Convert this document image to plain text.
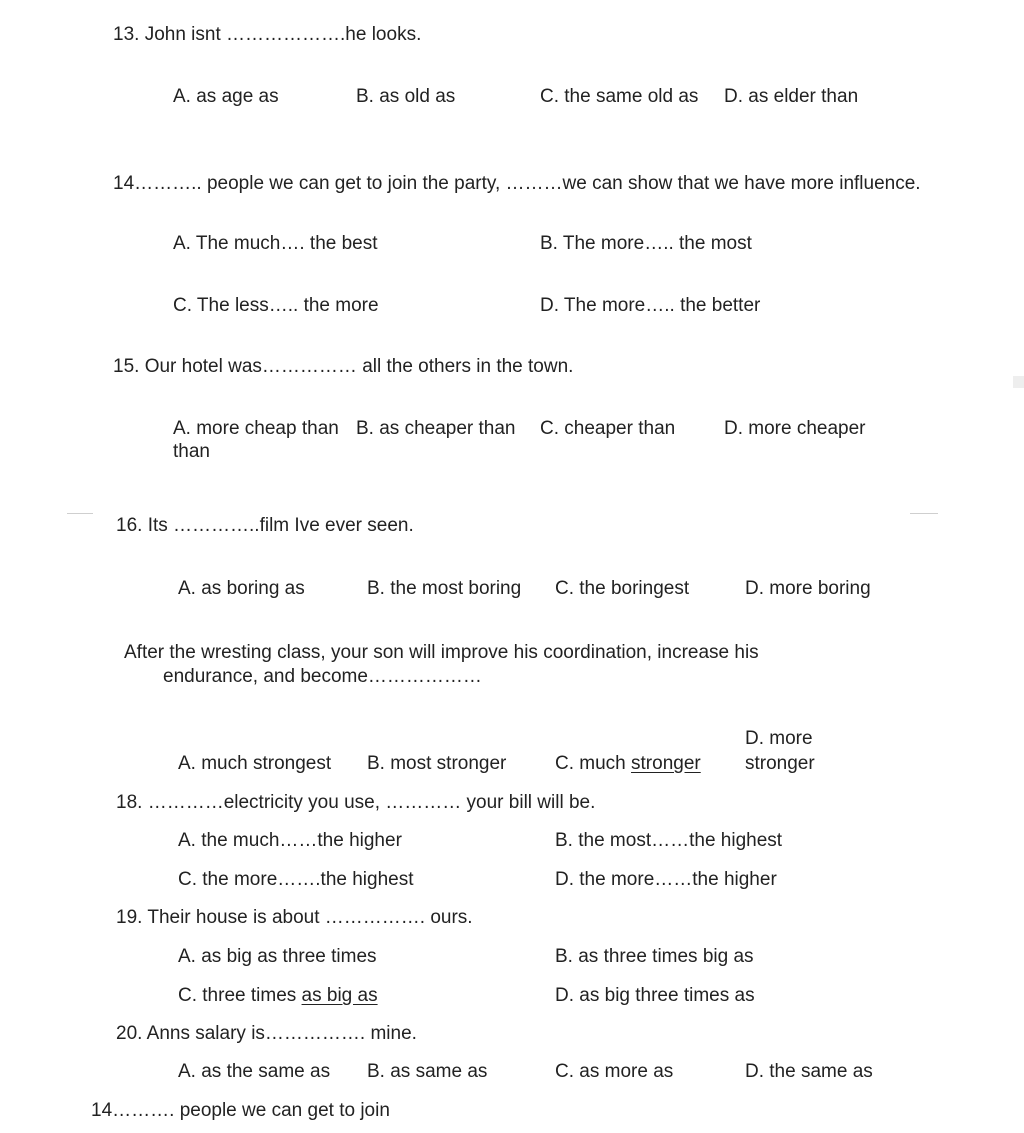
13. John isnt ……………….he looks.
A. as age as	B. as old as	C. the same old as D. as elder than
14……….. people we can get to join the party, ………we can show that we have more influence.
A. The much…. the best	B. The more….. the most
C. The less….. the more	D. The more….. the better
15. Our hotel was…………… all the others in the town.
A. more cheap than B. as cheaper than C. cheaper than	D. more cheaper
than
16. Its …………..film Ive ever seen.
A. as boring as	B. the most boring C. the boringest	D. more boring
After the wresting class, your son will improve his coordination, increase his
endurance, and become………………
A. much strongest B. most stronger	C. much stronger
D. more
stronger
18. …………electricity you use, ………… your bill will be.
A. the much……the higher	B. the most……the highest
C. the more…….the highest	D. the more……the higher
19. Their house is about ……………. ours.
A. as big as three times	B. as three times big as
C. three times as big as	D. as big three times as
20. Anns salary is……………. mine.
A. as the same as B. as same as	C. as more as	D. the same as
14………. people we can get to join
